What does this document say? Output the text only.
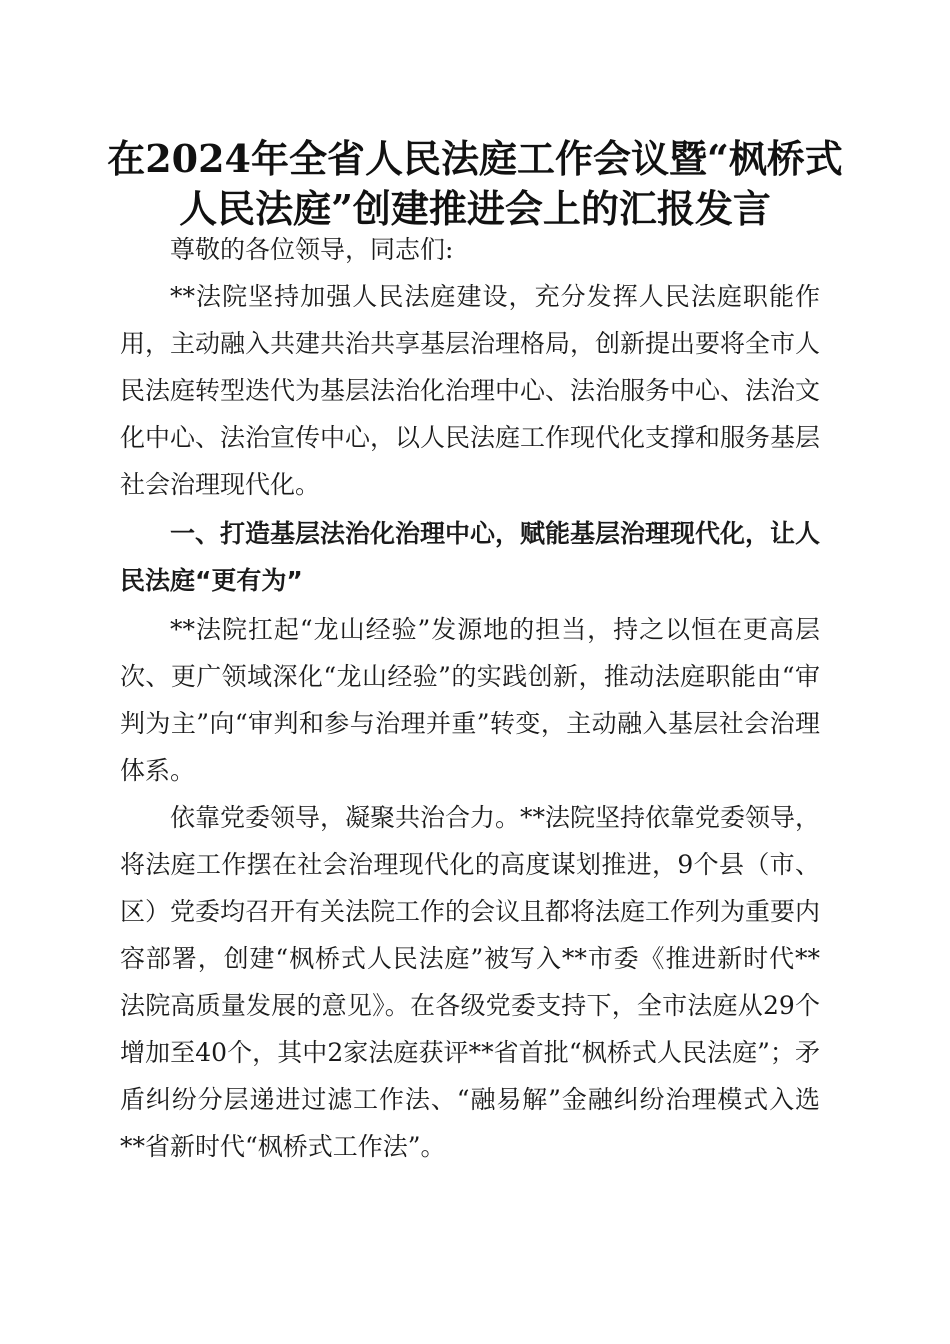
在2024年全省人民法庭工作会议暨“枫桥式
人民法庭”创建推进会上的汇报发言

尊敬的各位领导，同志们:

**法院坚持加强人民法庭建设，充分发挥人民法庭职能作用，主动融入共建共治共享基层治理格局，创新提出要将全市人民法庭转型迭代为基层法治化治理中心、法治服务中心、法治文化中心、法治宣传中心，以人民法庭工作现代化支撑和服务基层社会治理现代化。

一、打造基层法治化治理中心，赋能基层治理现代化，让人民法庭“更有为”

**法院扛起“龙山经验”发源地的担当，持之以恒在更高层次、更广领域深化“龙山经验”的实践创新，推动法庭职能由“审判为主”向“审判和参与治理并重”转变，主动融入基层社会治理体系。

依靠党委领导，凝聚共治合力。**法院坚持依靠党委领导，将法庭工作摆在社会治理现代化的高度谋划推进，9个县（市、区）党委均召开有关法院工作的会议且都将法庭工作列为重要内容部署，创建“枫桥式人民法庭”被写入**市委《推进新时代**法院高质量发展的意见》。在各级党委支持下，全市法庭从29个增加至40个，其中2家法庭获评**省首批“枫桥式人民法庭”；矛盾纠纷分层递进过滤工作法、“融易解”金融纠纷治理模式入选**省新时代“枫桥式工作法”。
